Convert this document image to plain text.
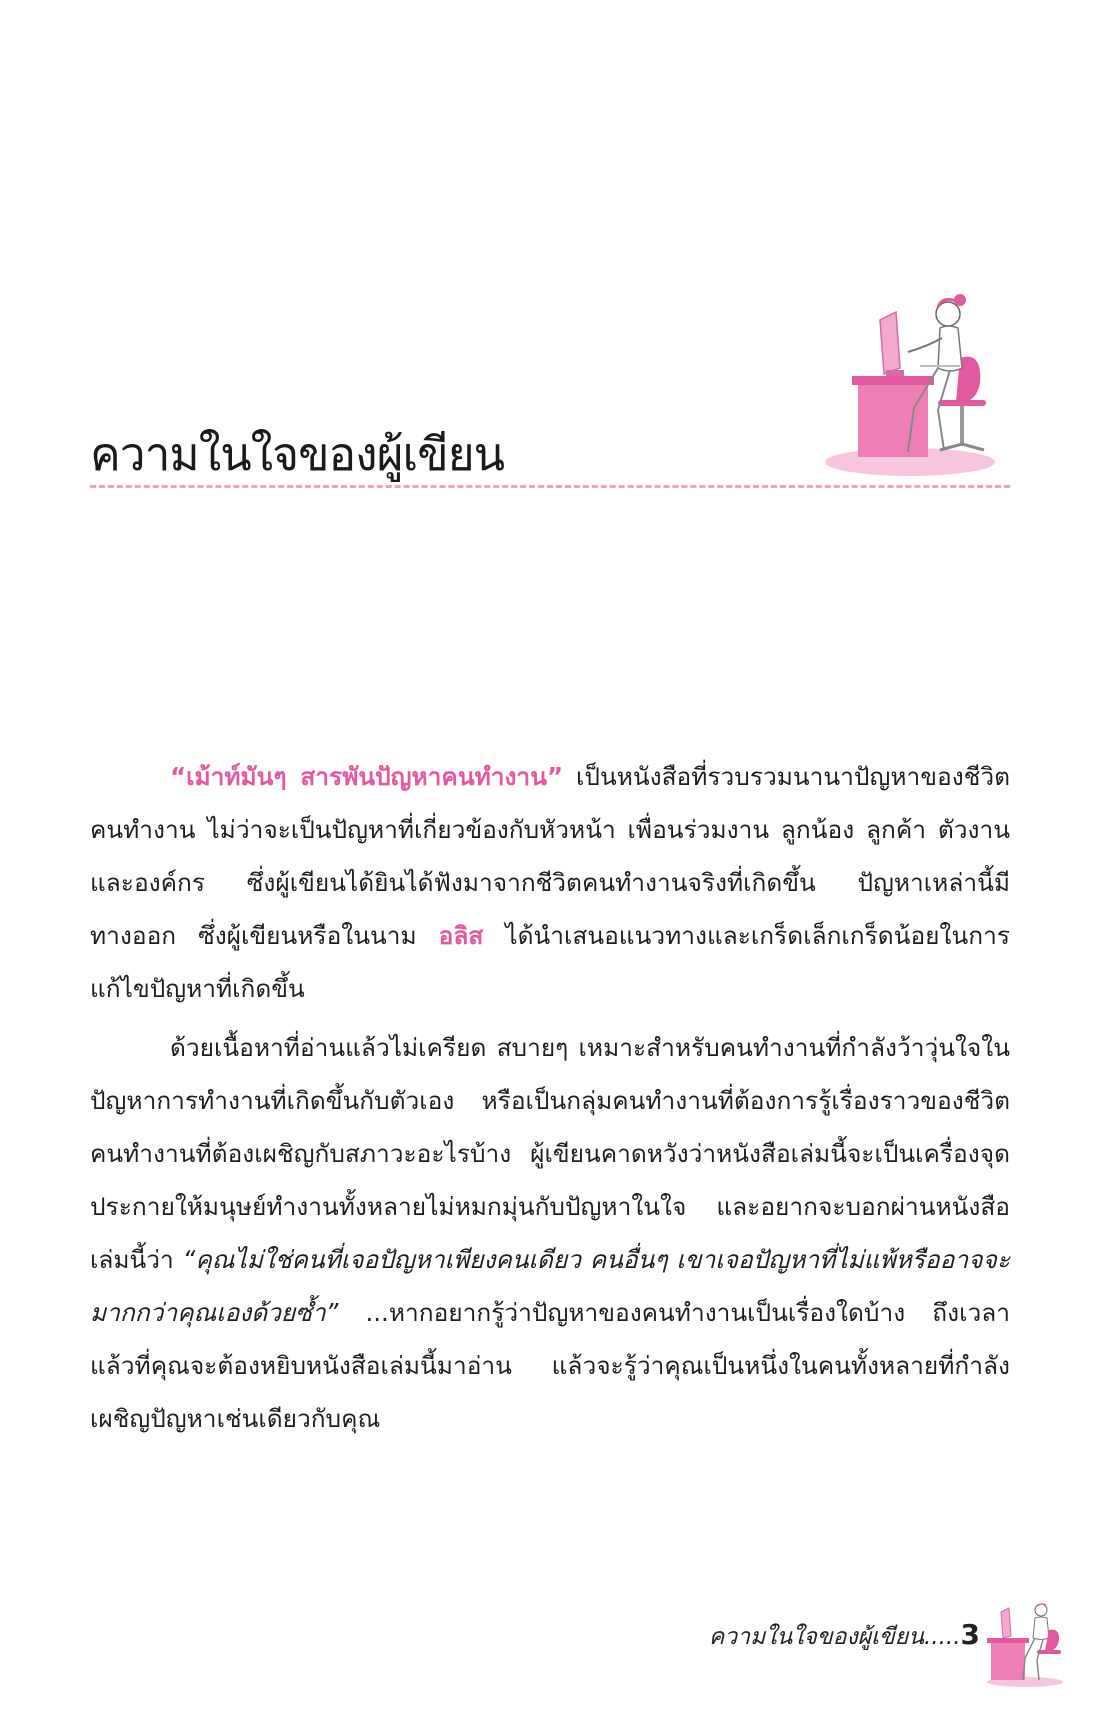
ความในใจของผู้เขียน

“เม้าท์มันๆ สารพันปัญหาคนทำงาน” เป็นหนังสือที่รวบรวมนานาปัญหาของชีวิตคนทำงาน ไม่ว่าจะเป็นปัญหาที่เกี่ยวข้องกับหัวหน้า เพื่อนร่วมงาน ลูกน้อง ลูกค้า ตัวงาน และองค์กร ซึ่งผู้เขียนได้ยินได้ฟังมาจากชีวิตคนทำงานจริงที่เกิดขึ้น ปัญหาเหล่านี้มีทางออก ซึ่งผู้เขียนหรือในนาม อลิส ได้นำเสนอแนวทางและเกร็ดเล็กเกร็ดน้อยในการแก้ไขปัญหาที่เกิดขึ้น

ด้วยเนื้อหาที่อ่านแล้วไม่เครียด สบายๆ เหมาะสำหรับคนทำงานที่กำลังว้าวุ่นใจในปัญหาการทำงานที่เกิดขึ้นกับตัวเอง หรือเป็นกลุ่มคนทำงานที่ต้องการรู้เรื่องราวของชีวิตคนทำงานที่ต้องเผชิญกับสภาวะอะไรบ้าง ผู้เขียนคาดหวังว่าหนังสือเล่มนี้จะเป็นเครื่องจุดประกายให้มนุษย์ทำงานทั้งหลายไม่หมกมุ่นกับปัญหาในใจ และอยากจะบอกผ่านหนังสือเล่มนี้ว่า “คุณไม่ใช่คนที่เจอปัญหาเพียงคนเดียว คนอื่นๆ เขาเจอปัญหาที่ไม่แพ้หรืออาจจะมากกว่าคุณเองด้วยซ้ำ” ...หากอยากรู้ว่าปัญหาของคนทำงานเป็นเรื่องใดบ้าง ถึงเวลาแล้วที่คุณจะต้องหยิบหนังสือเล่มนี้มาอ่าน แล้วจะรู้ว่าคุณเป็นหนึ่งในคนทั้งหลายที่กำลังเผชิญปัญหาเช่นเดียวกับคุณ

ความในใจของผู้เขียน.....3
